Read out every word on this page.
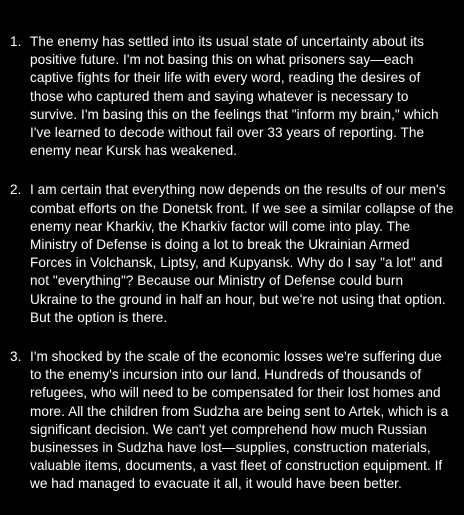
1. The enemy has settled into its usual state of uncertainty about its positive future. I'm not basing this on what prisoners say—each captive fights for their life with every word, reading the desires of those who captured them and saying whatever is necessary to survive. I'm basing this on the feelings that "inform my brain," which I've learned to decode without fail over 33 years of reporting. The enemy near Kursk has weakened.
2. I am certain that everything now depends on the results of our men's combat efforts on the Donetsk front. If we see a similar collapse of the enemy near Kharkiv, the Kharkiv factor will come into play. The Ministry of Defense is doing a lot to break the Ukrainian Armed Forces in Volchansk, Liptsy, and Kupyansk. Why do I say "a lot" and not "everything"? Because our Ministry of Defense could burn Ukraine to the ground in half an hour, but we're not using that option. But the option is there.
3. I'm shocked by the scale of the economic losses we're suffering due to the enemy's incursion into our land. Hundreds of thousands of refugees, who will need to be compensated for their lost homes and more. All the children from Sudzha are being sent to Artek, which is a significant decision. We can't yet comprehend how much Russian businesses in Sudzha have lost—supplies, construction materials, valuable items, documents, a vast fleet of construction equipment. If we had managed to evacuate it all, it would have been better.
